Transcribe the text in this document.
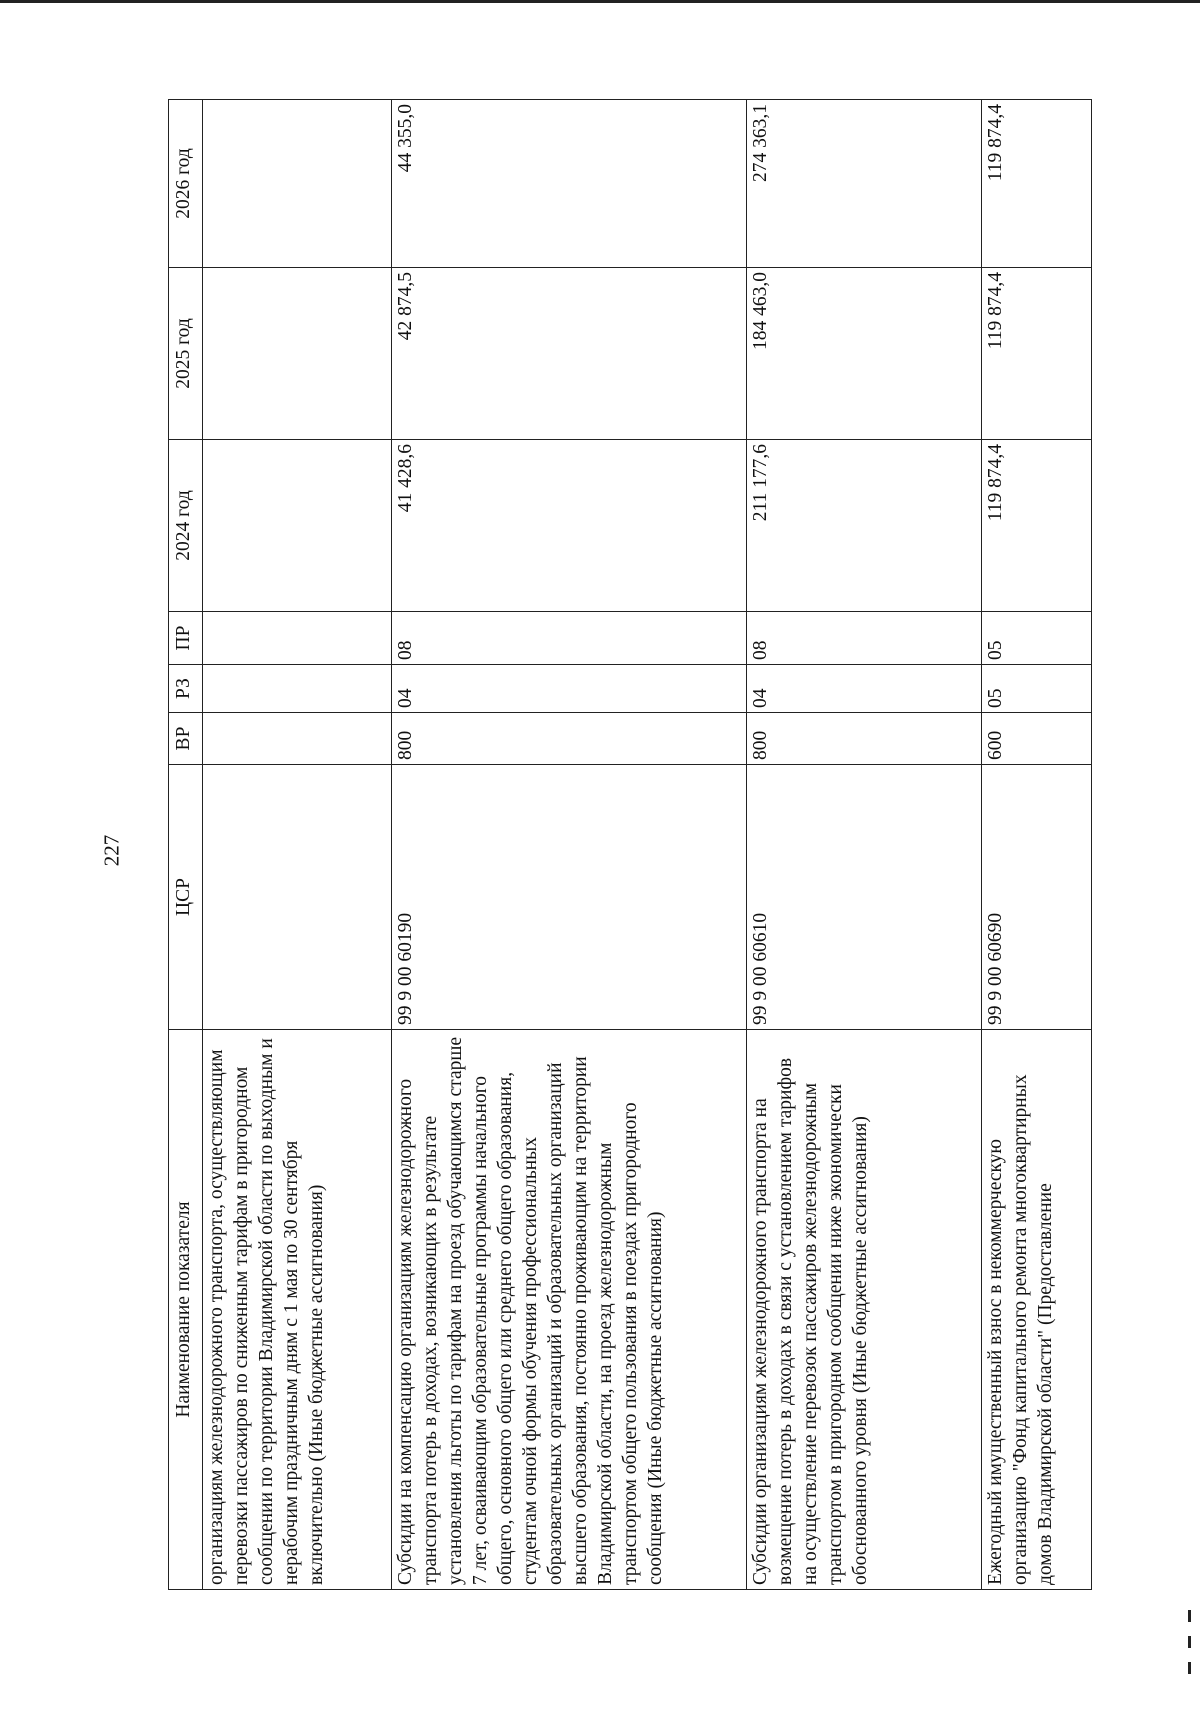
227
Наименование показателя	ЦСР	ВР	РЗ	ПР	2024 год	2025 год	2026 год
организациям железнодорожного транспорта, осуществляющим перевозки пассажиров по сниженным тарифам в пригородном сообщении по территории Владимирской области по выходным и нерабочим праздничным дням с 1 мая по 30 сентября включительно (Иные бюджетные ассигнования)							
Субсидии на компенсацию организациям железнодорожного транспорта потерь в доходах, возникающих в результате установления льготы по тарифам на проезд обучающимся старше 7 лет, осваивающим образовательные программы начального общего, основного общего или среднего общего образования, студентам очной формы обучения профессиональных образовательных организаций и образовательных организаций высшего образования, постоянно проживающим на территории Владимирской области, на проезд железнодорожным транспортом общего пользования в поездах пригородного сообщения (Иные бюджетные ассигнования)	99 9 00 60190	800	04	08	41 428,6	42 874,5	44 355,0
Субсидии организациям железнодорожного транспорта на возмещение потерь в доходах в связи с установлением тарифов на осуществление перевозок пассажиров железнодорожным транспортом в пригородном сообщении ниже экономически обоснованного уровня (Иные бюджетные ассигнования)	99 9 00 60610	800	04	08	211 177,6	184 463,0	274 363,1
Ежегодный имущественный взнос в некоммерческую организацию "Фонд капитального ремонта многоквартирных домов Владимирской области" (Предоставление	99 9 00 60690	600	05	05	119 874,4	119 874,4	119 874,4
